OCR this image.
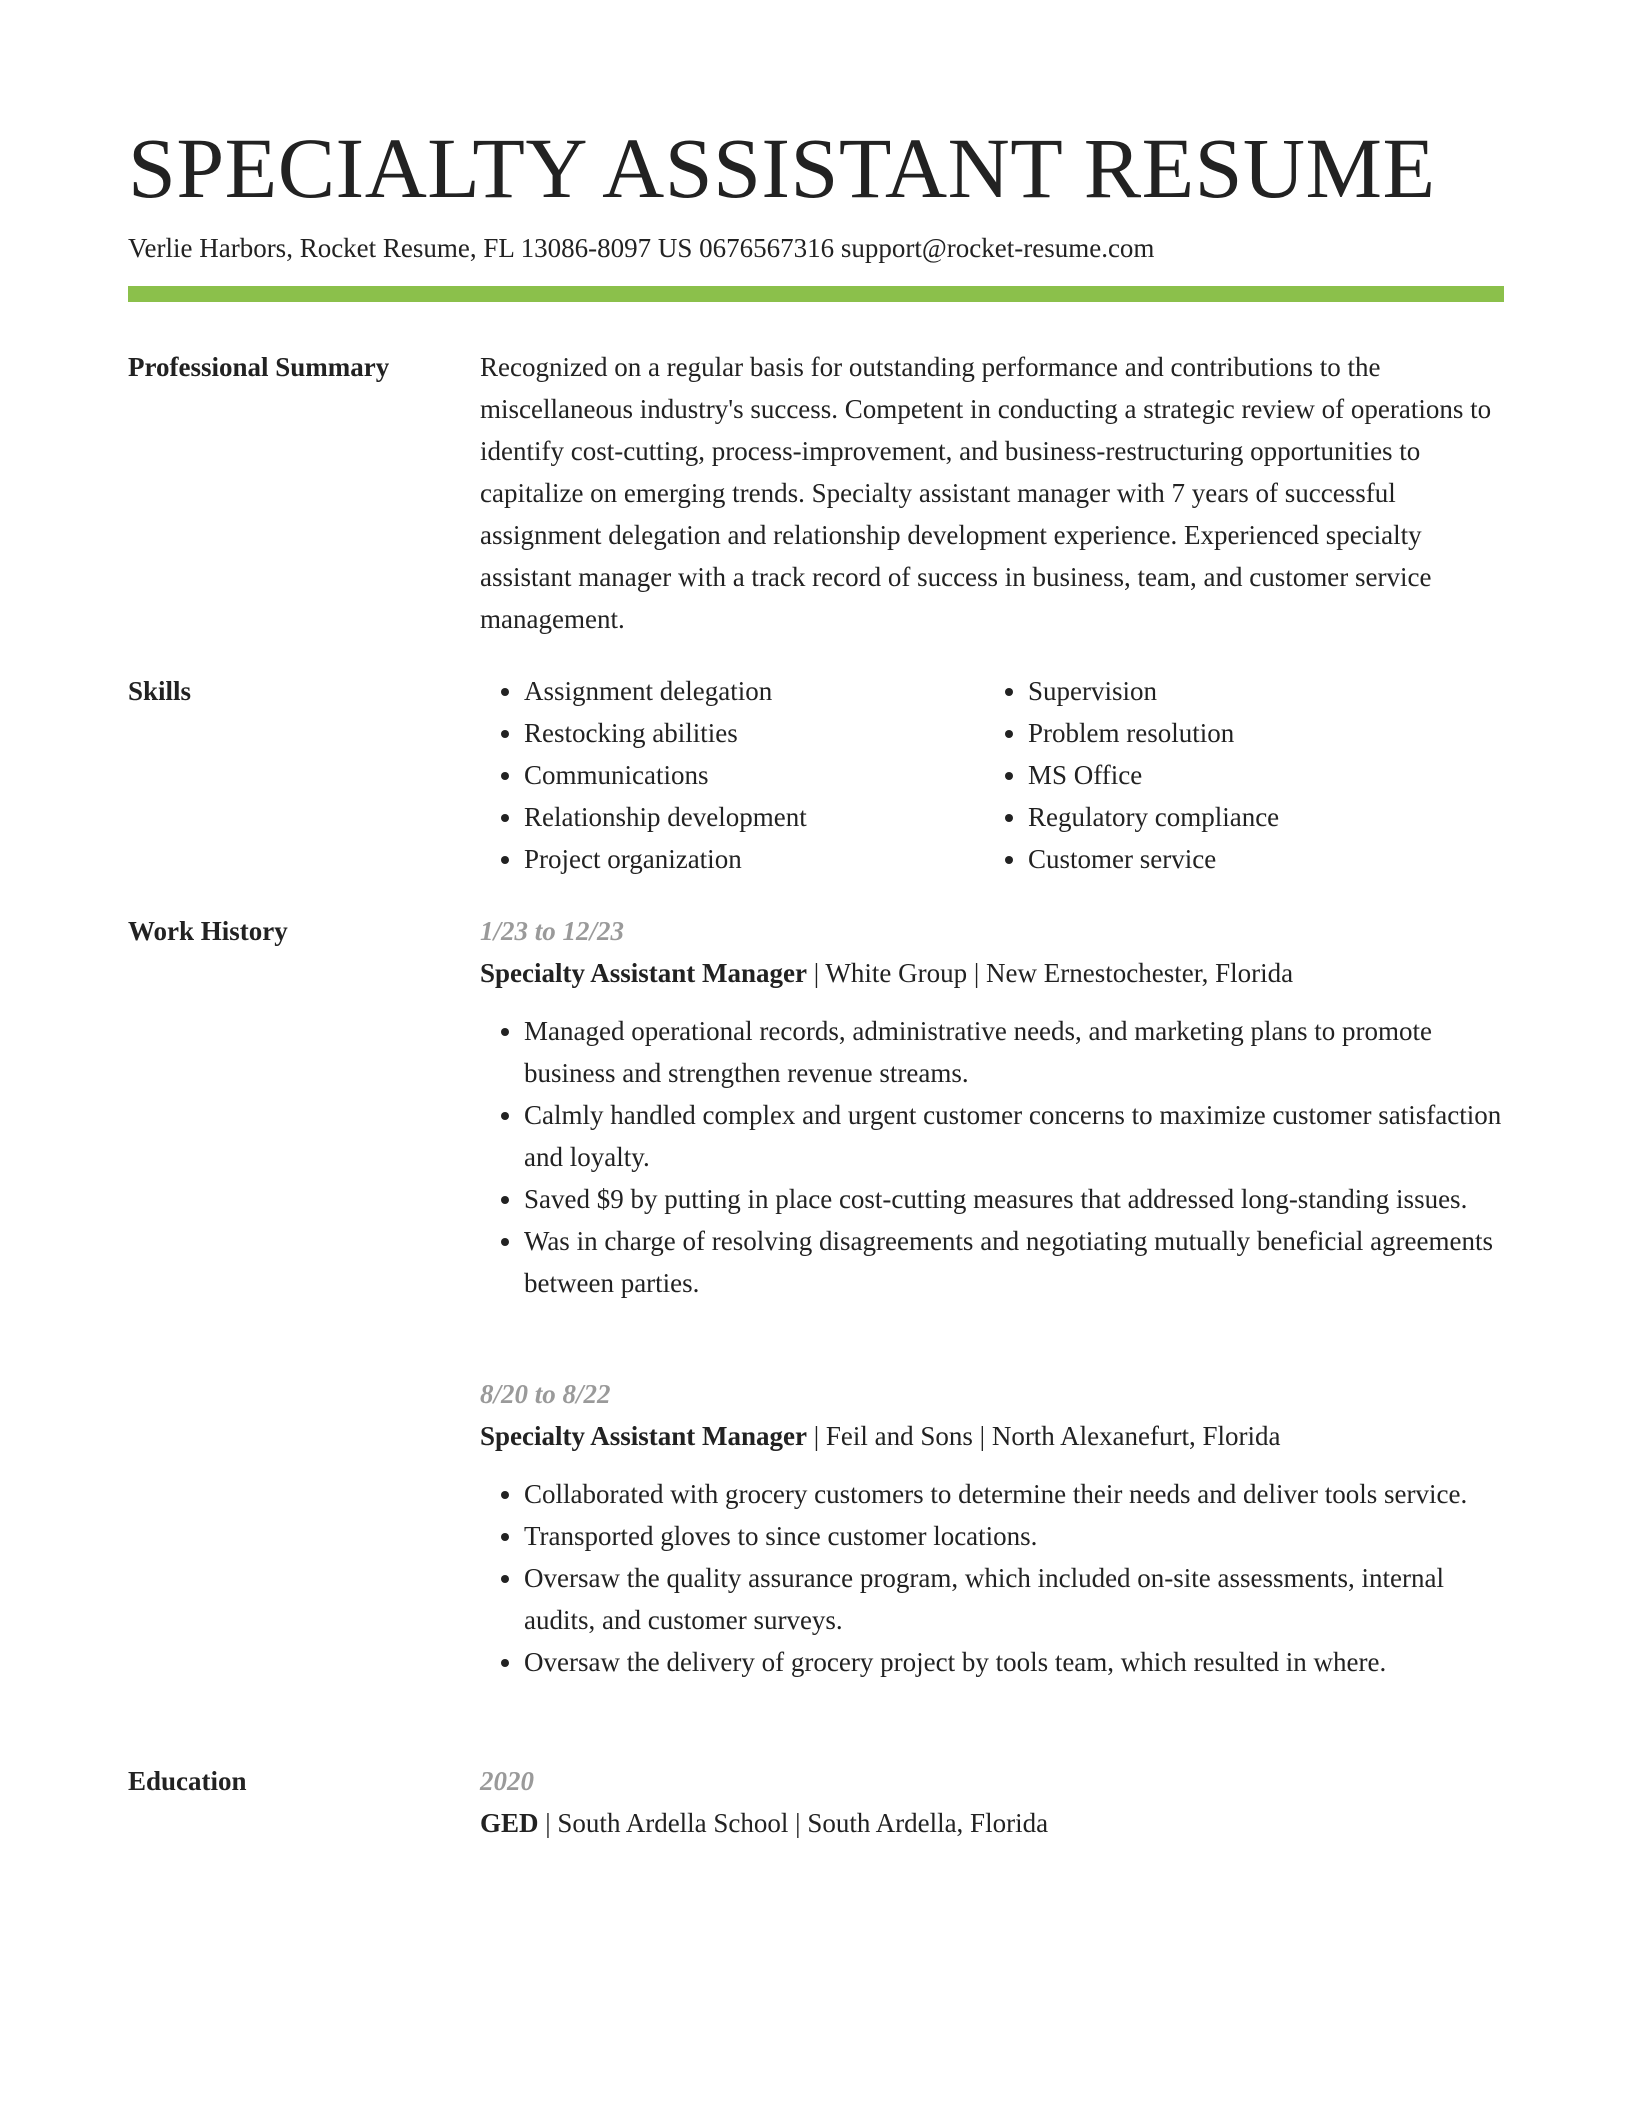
SPECIALTY ASSISTANT RESUME
Verlie Harbors, Rocket Resume, FL 13086-8097 US 0676567316 support@rocket-resume.com
Professional Summary	Recognized on a regular basis for outstanding performance and contributions to the miscellaneous industry's success. Competent in conducting a strategic review of operations to identify cost-cutting, process-improvement, and business-restructuring opportunities to capitalize on emerging trends. Specialty assistant manager with 7 years of successful assignment delegation and relationship development experience. Experienced specialty assistant manager with a track record of success in business, team, and customer service management.

Skills
•	Assignment delegation
• Restocking abilities
• Communications
• Relationship development
• Project organization
• Supervision
• Problem resolution
• MS Office
• Regulatory compliance
• Customer service
Work History	1/23 to 12/23
Specialty Assistant Manager | White Group | New Ernestochester, Florida
• Managed operational records, administrative needs, and marketing plans to promote business and strengthen revenue streams.
• Calmly handled complex and urgent customer concerns to maximize customer satisfaction and loyalty.
• Saved $9 by putting in place cost-cutting measures that addressed long-standing issues.
• Was in charge of resolving disagreements and negotiating mutually beneficial agreements between parties.
8/20 to 8/22
Specialty Assistant Manager | Feil and Sons | North Alexanefurt, Florida
• Collaborated with grocery customers to determine their needs and deliver tools service.
• Transported gloves to since customer locations.
• Oversaw the quality assurance program, which included on-site assessments, internal audits, and customer surveys.
• Oversaw the delivery of grocery project by tools team, which resulted in where.
Education	2020
GED | South Ardella School | South Ardella, Florida
